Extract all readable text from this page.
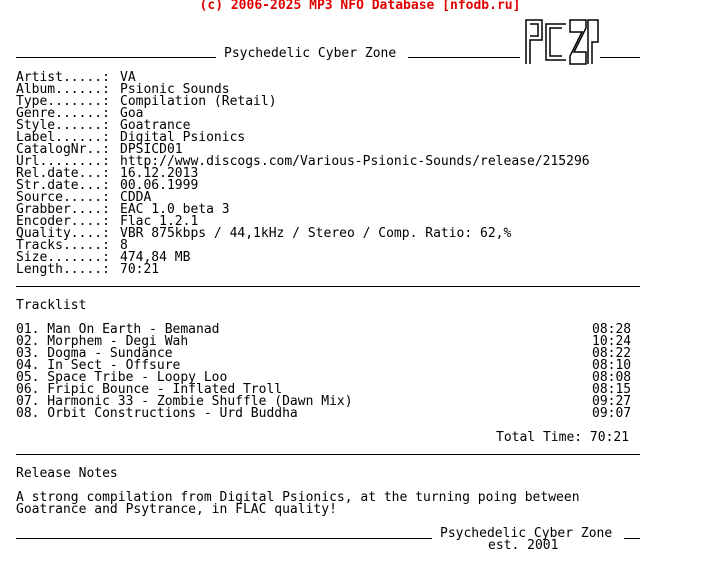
(c) 2006-2025 MP3 NFO Database [nfodb.ru]
Psychedelic Cyber Zone
Artist.....: VA
Album......: Psionic Sounds
Type.......: Compilation (Retail)
Genre......: Goa
Style......: Goatrance
Label......: Digital Psionics
CatalogNr..: DPSICD01
Url........: http://www.discogs.com/Various-Psionic-Sounds/release/215296
Rel.date...: 16.12.2013
Str.date...: 00.06.1999
Source.....: CDDA
Grabber....: EAC 1.0 beta 3
Encoder....: Flac 1.2.1
Quality....: VBR 875kbps / 44,1kHz / Stereo / Comp. Ratio: 62,%
Tracks.....: 8
Size.......: 474,84 MB
Length.....: 70:21
Tracklist
01. Man On Earth - Bemanad	08:28
02. Morphem - Degi Wah	10:24
03. Dogma - Sundance	08:22
04. In Sect - Offsure	08:10
05. Space Tribe - Loopy Loo	08:08
06. Fripic Bounce - Inflated Troll	08:15
07. Harmonic 33 - Zombie Shuffle (Dawn Mix)	09:27
08. Orbit Constructions - Urd Buddha	09:07
Total Time: 70:21
Release Notes
A strong compilation from Digital Psionics, at the turning poing between
Goatrance and Psytrance, in FLAC quality!
Psychedelic Cyber Zone
est. 2001
